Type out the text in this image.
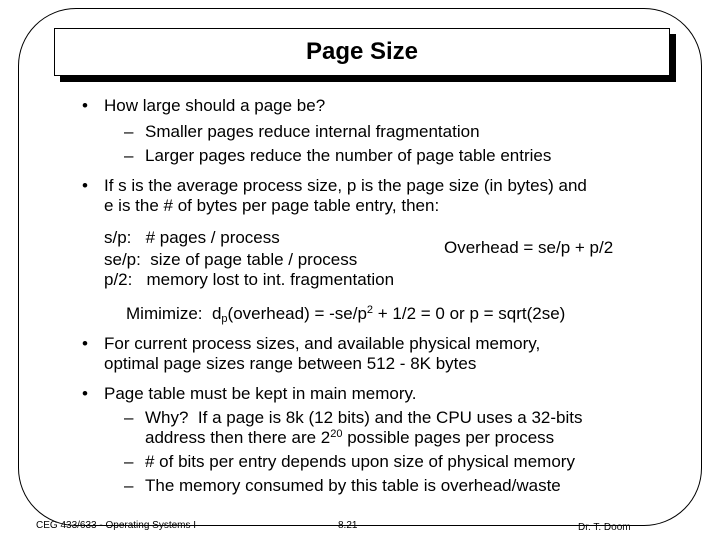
Page Size
• How large should a page be?
– Smaller pages reduce internal fragmentation
– Larger pages reduce the number of page table entries
• If s is the average process size, p is the page size (in bytes) and
e is the # of bytes per page table entry, then:
s/p:   # pages / process
se/p:  size of page table / process
p/2:   memory lost to int. fragmentation
Overhead = se/p + p/2
Mimimize:  $d_p(overhead) = -se/p^2 + 1/2 = 0$ or p = sqrt(2se)
• For current process sizes, and available physical memory,
optimal page sizes range between 512 - 8K bytes
• Page table must be kept in main memory.
– Why?  If a page is 8k (12 bits) and the CPU uses a 32-bits
address then there are $2^{20}$ possible pages per process
– # of bits per entry depends upon size of physical memory
– The memory consumed by this table is overhead/waste
CEG 433/633 - Operating Systems I	8.21	Dr. T. Doom
